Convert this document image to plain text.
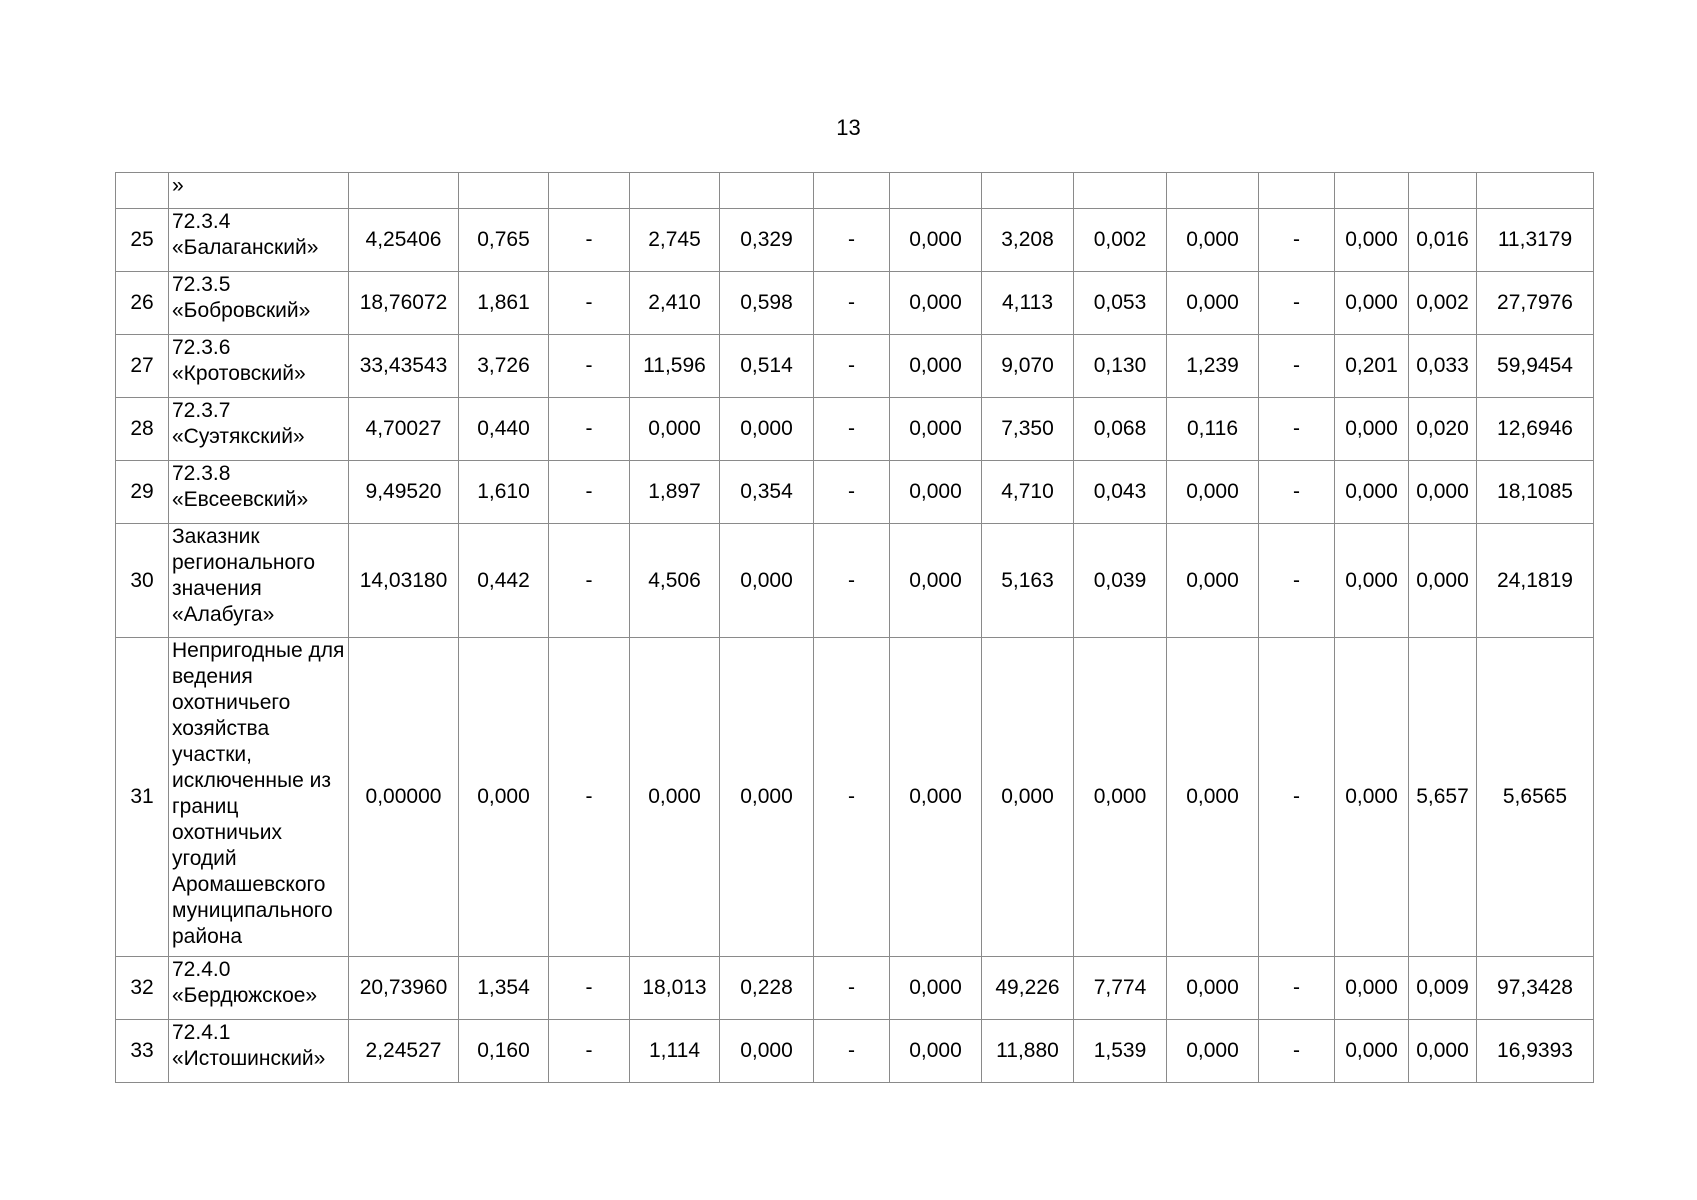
13
	»														
25	72.3.4 «Балаганский»	4,25406	0,765	-	2,745	0,329	-	0,000	3,208	0,002	0,000	-	0,000	0,016	11,3179
26	72.3.5 «Бобровский»	18,76072	1,861	-	2,410	0,598	-	0,000	4,113	0,053	0,000	-	0,000	0,002	27,7976
27	72.3.6 «Кротовский»	33,43543	3,726	-	11,596	0,514	-	0,000	9,070	0,130	1,239	-	0,201	0,033	59,9454
28	72.3.7 «Суэтякский»	4,70027	0,440	-	0,000	0,000	-	0,000	7,350	0,068	0,116	-	0,000	0,020	12,6946
29	72.3.8 «Евсеевский»	9,49520	1,610	-	1,897	0,354	-	0,000	4,710	0,043	0,000	-	0,000	0,000	18,1085
30	Заказник регионального значения «Алабуга»	14,03180	0,442	-	4,506	0,000	-	0,000	5,163	0,039	0,000	-	0,000	0,000	24,1819
31	Непригодные для ведения охотничьего хозяйства участки, исключенные из границ охотничьих угодий Аромашевского муниципального района	0,00000	0,000	-	0,000	0,000	-	0,000	0,000	0,000	0,000	-	0,000	5,657	5,6565
32	72.4.0 «Бердюжское»	20,73960	1,354	-	18,013	0,228	-	0,000	49,226	7,774	0,000	-	0,000	0,009	97,3428
33	72.4.1 «Истошинский»	2,24527	0,160	-	1,114	0,000	-	0,000	11,880	1,539	0,000	-	0,000	0,000	16,9393
